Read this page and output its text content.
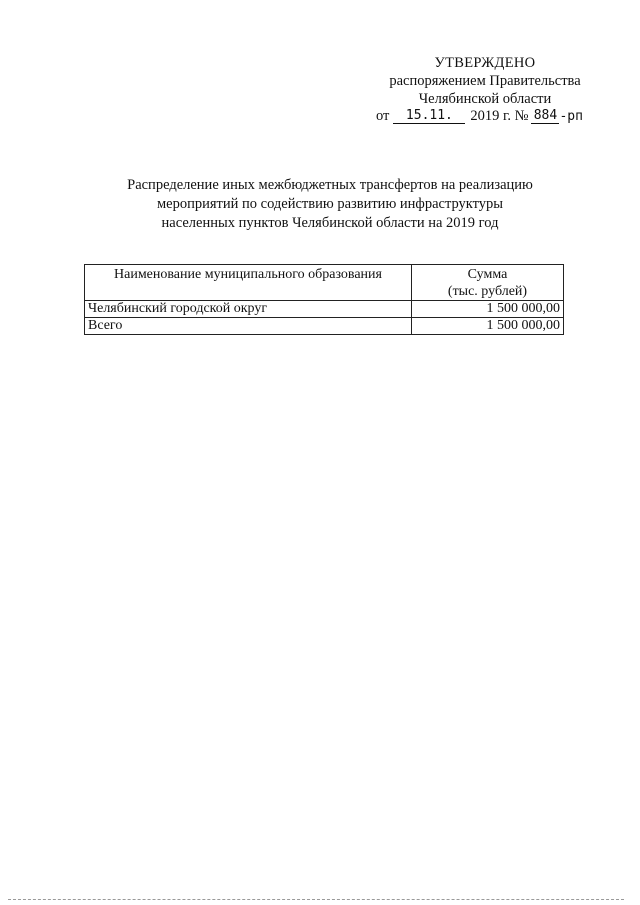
УТВЕРЖДЕНО
распоряжением Правительства
Челябинской области
от 15.11. 2019 г. № 884 -рп
Распределение иных межбюджетных трансфертов на реализацию
мероприятий по содействию развитию инфраструктуры
населенных пунктов Челябинской области на 2019 год
Наименование муниципального образования	Сумма
(тыс. рублей)

Челябинский городской округ	1 500 000,00
Всего	1 500 000,00
